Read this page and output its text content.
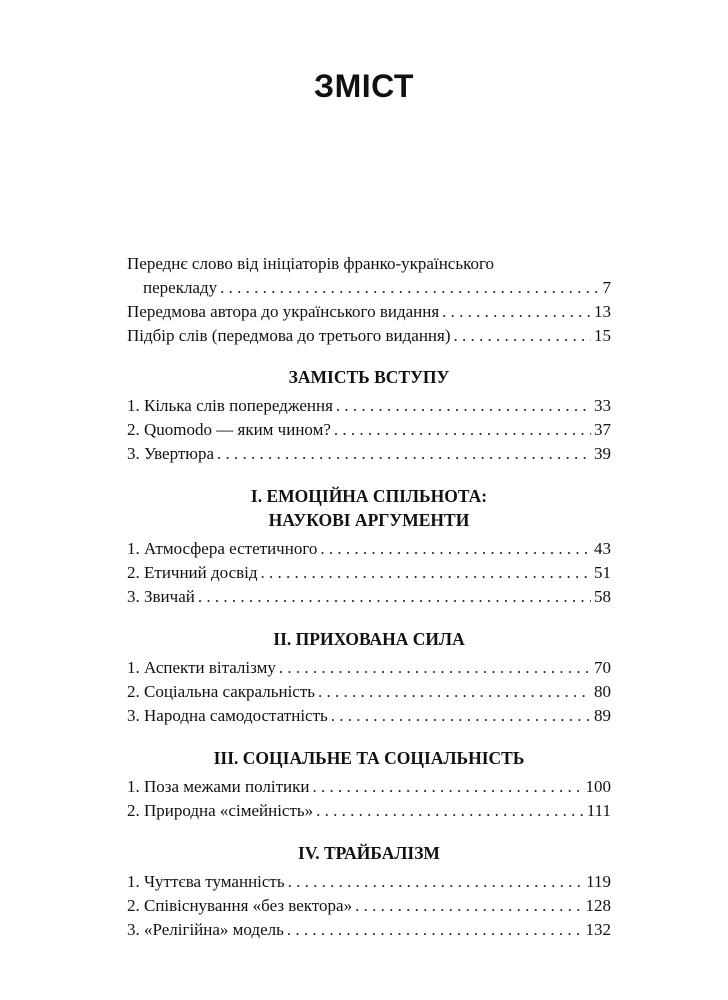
ЗМІСТ
Переднє слово від ініціаторів франко-українського
перекладу . . .	7
Передмова автора до українського видання . . .	13
Підбір слів (передмова до третього видання) . . .	15
ЗАМІСТЬ ВСТУПУ
1. Кілька слів попередження . . .	33
2. Quomodo — яким чином? . . .	37
3. Увертюра . . .	39
I. ЕМОЦІЙНА СПІЛЬНОТА:
НАУКОВІ АРГУМЕНТИ
1. Атмосфера естетичного . . .	43
2. Етичний досвід . . .	51
3. Звичай . . .	58
II. ПРИХОВАНА СИЛА
1. Аспекти віталізму . . .	70
2. Соціальна сакральність . . .	80
3. Народна самодостатність . . .	89
III. СОЦІАЛЬНЕ ТА СОЦІАЛЬНІСТЬ
1. Поза межами політики . . .	100
2. Природна «сімейність» . . .	111
IV. ТРАЙБАЛІЗМ
1. Чуттєва туманність . . .	119
2. Співіснування «без вектора» . . .	128
3. «Релігійна» модель . . .	132
